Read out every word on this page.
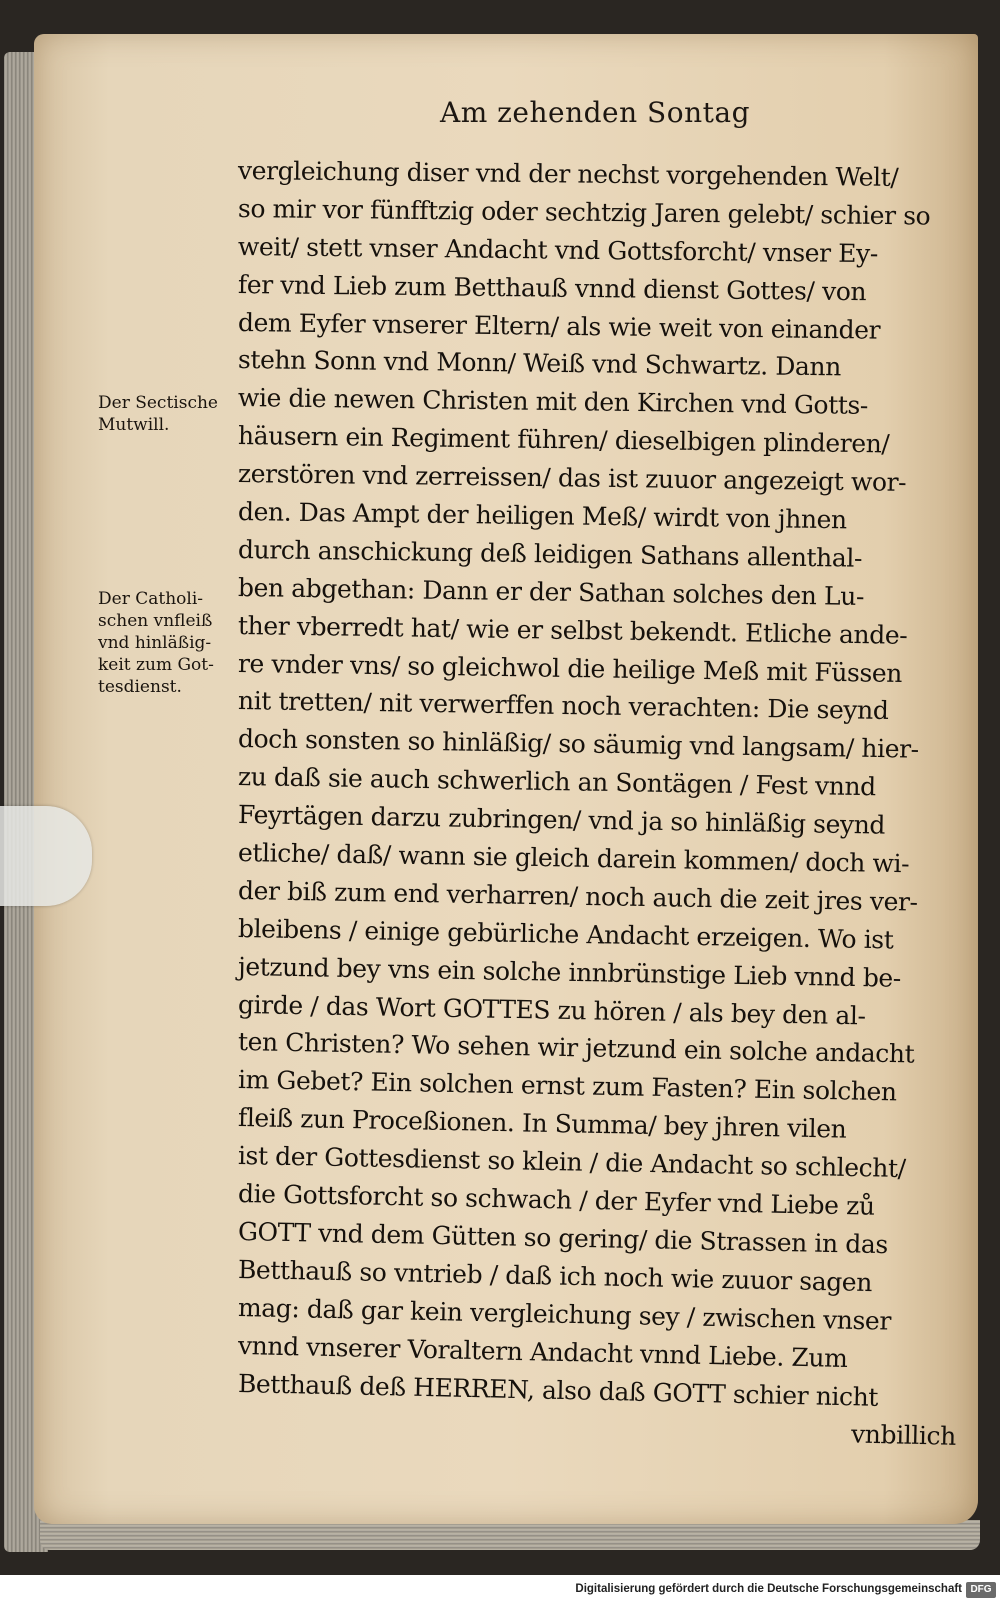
Am zehenden Sontag
vergleichung diser vnd der nechst vorgehenden Welt/
so mir vor fünfftzig oder sechtzig Jaren gelebt/ schier so
weit/ stett vnser Andacht vnd Gottsforcht/ vnser Ey-
fer vnd Lieb zum Betthauß vnnd dienst Gottes/ von
dem Eyfer vnserer Eltern/ als wie weit von einander
stehn Sonn vnd Monn/ Weiß vnd Schwartz. Dann
wie die newen Christen mit den Kirchen vnd Gotts-
häusern ein Regiment führen/ dieselbigen plinderen/
zerstören vnd zerreissen/ das ist zuuor angezeigt wor-
den. Das Ampt der heiligen Meß/ wirdt von jhnen
durch anschickung deß leidigen Sathans allenthal-
ben abgethan: Dann er der Sathan solches den Lu-
ther vberredt hat/ wie er selbst bekendt. Etliche ande-
re vnder vns/ so gleichwol die heilige Meß mit Füssen
nit tretten/ nit verwerffen noch verachten: Die seynd
doch sonsten so hinläßig/ so säumig vnd langsam/ hier-
zu daß sie auch schwerlich an Sontägen / Fest vnnd
Feyrtägen darzu zubringen/ vnd ja so hinläßig seynd
etliche/ daß/ wann sie gleich darein kommen/ doch wi-
der biß zum end verharren/ noch auch die zeit jres ver-
bleibens / einige gebürliche Andacht erzeigen. Wo ist
jetzund bey vns ein solche innbrünstige Lieb vnnd be-
girde / das Wort GOTTES zu hören / als bey den al-
ten Christen? Wo sehen wir jetzund ein solche andacht
im Gebet? Ein solchen ernst zum Fasten? Ein solchen
fleiß zun Proceßionen. In Summa/ bey jhren vilen
ist der Gottesdienst so klein / die Andacht so schlecht/
die Gottsforcht so schwach / der Eyfer vnd Liebe zů
GOTT vnd dem Gütten so gering/ die Strassen in das
Betthauß so vntrieb / daß ich noch wie zuuor sagen
mag: daß gar kein vergleichung sey / zwischen vnser
vnnd vnserer Voraltern Andacht vnnd Liebe. Zum
Betthauß deß HERREN, also daß GOTT schier nicht
vnbillich
Der Sectische
Mutwill.
Der Catholi-
schen vnfleiß
vnd hinläßig-
keit zum Got-
tesdienst.
Digitalisierung gefördert durch die Deutsche Forschungsgemeinschaft DFG
